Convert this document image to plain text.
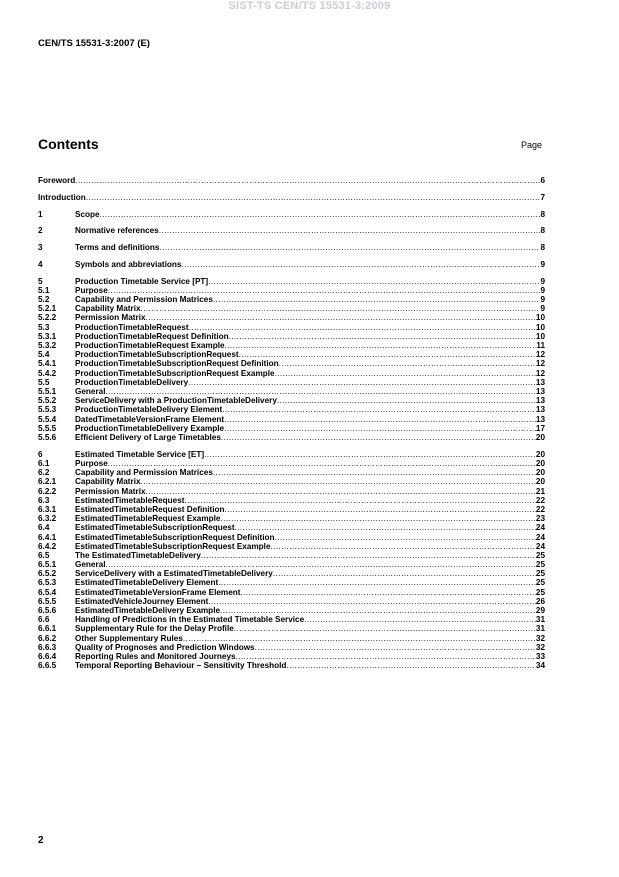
SIST-TS CEN/TS 15531-3:2009
CEN/TS 15531-3:2007 (E)
Contents	Page
Foreword .....	6
Introduction .....	7
1	Scope .....	8
2	Normative references .....	8
3	Terms and definitions .....	8
4	Symbols and abbreviations .....	9
5	Production Timetable Service [PT] .....	9
5.1	Purpose .....	9
5.2	Capability and Permission Matrices .....	9
5.2.1 Capability Matrix .....	9
5.2.2 Permission Matrix .....	10
5.3	ProductionTimetableRequest .....	10
5.3.1 ProductionTimetableRequest Definition .....	10
5.3.2 ProductionTimetableRequest Example .....	11
5.4	ProductionTimetableSubscriptionRequest .....	12
5.4.1 ProductionTimetableSubscriptionRequest Definition .....	12
5.4.2 ProductionTimetableSubscriptionRequest Example .....	12
5.5	ProductionTimetableDelivery .....	13
5.5.1 General .....	13
5.5.2 ServiceDelivery with a ProductionTimetableDelivery .....	13
5.5.3 ProductionTimetableDelivery Element .....	13
5.5.4 DatedTimetableVersionFrame Element .....	13
5.5.5 ProductionTimetableDelivery Example .....	17
5.5.6 Efficient Delivery of Large Timetables .....	20
6	Estimated Timetable Service [ET] .....	20
6.1	Purpose .....	20
6.2	Capability and Permission Matrices .....	20
6.2.1 Capability Matrix .....	20
6.2.2 Permission Matrix .....	21
6.3	EstimatedTimetableRequest .....	22
6.3.1 EstimatedTimetableRequest Definition .....	22
6.3.2 EstimatedTimetableRequest Example .....	23
6.4	EstimatedTimetableSubscriptionRequest .....	24
6.4.1 EstimatedTimetableSubscriptionRequest Definition .....	24
6.4.2 EstimatedTimetableSubscriptionRequest Example .....	24
6.5	The EstimatedTimetableDelivery .....	25
6.5.1 General .....	25
6.5.2 ServiceDelivery with a EstimatedTimetableDelivery .....	25
6.5.3 EstimatedTimetableDelivery Element .....	25
6.5.4 EstimatedTimetableVersionFrame Element .....	25
6.5.5 EstimatedVehicleJourney Element .....	26
6.5.6 EstimatedTimetableDelivery Example .....	29
6.6	Handling of Predictions in the Estimated Timetable Service .....	31
6.6.1 Supplementary Rule for the Delay Profile .....	31
6.6.2 Other Supplementary Rules .....	32
6.6.3 Quality of Prognoses and Prediction Windows .....	32
6.6.4 Reporting Rules and Monitored Journeys .....	33
6.6.5 Temporal Reporting Behaviour – Sensitivity Threshold .....	34
2
